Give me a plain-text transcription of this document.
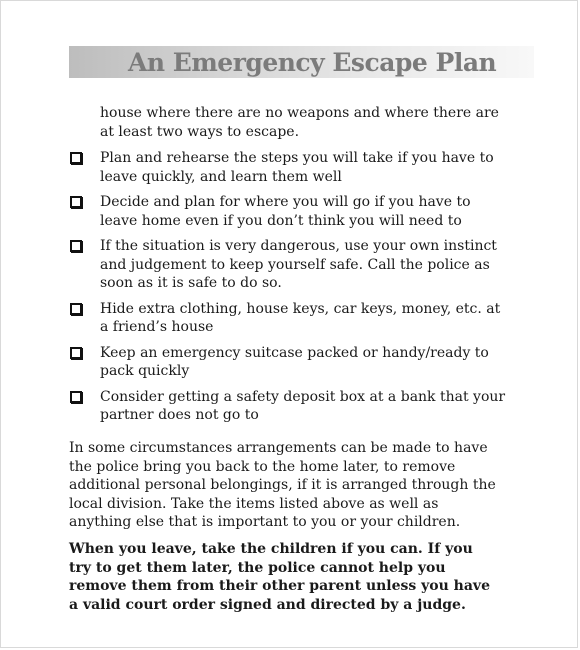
An Emergency Escape Plan
house where there are no weapons and where there are at least two ways to escape.
Plan and rehearse the steps you will take if you have to leave quickly, and learn them well
Decide and plan for where you will go if you have to leave home even if you don’t think you will need to
If the situation is very dangerous, use your own instinct and judgement to keep yourself safe. Call the police as soon as it is safe to do so.
Hide extra clothing, house keys, car keys, money, etc. at a friend’s house
Keep an emergency suitcase packed or handy/ready to pack quickly
Consider getting a safety deposit box at a bank that your partner does not go to
In some circumstances arrangements can be made to have the police bring you back to the home later, to remove additional personal belongings, if it is arranged through the local division. Take the items listed above as well as anything else that is important to you or your children.
When you leave, take the children if you can. If you try to get them later, the police cannot help you remove them from their other parent unless you have a valid court order signed and directed by a judge.
